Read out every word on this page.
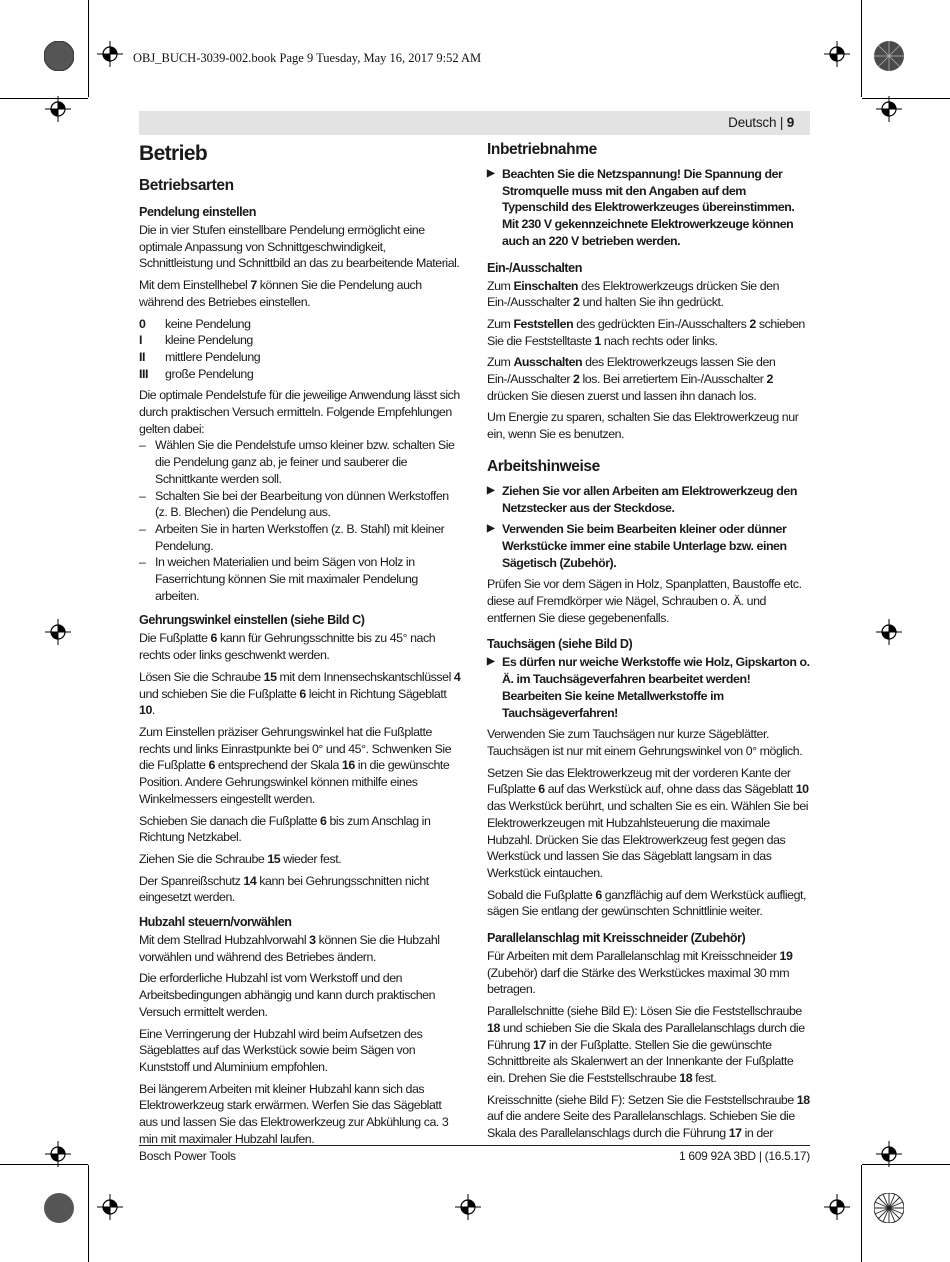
OBJ_BUCH-3039-002.book Page 9 Tuesday, May 16, 2017 9:52 AM
Deutsch | 9
Betrieb
Betriebsarten
Pendelung einstellen

Die in vier Stufen einstellbare Pendelung ermöglicht eine optimale Anpassung von Schnittgeschwindigkeit, Schnittleistung und Schnittbild an das zu bearbeitende Material.

Mit dem Einstellhebel 7 können Sie die Pendelung auch während des Betriebes einstellen.

0	keine Pendelung
I	kleine Pendelung
II	mittlere Pendelung
III	große Pendelung

Die optimale Pendelstufe für die jeweilige Anwendung lässt sich durch praktischen Versuch ermitteln. Folgende Empfehlungen gelten dabei:

– Wählen Sie die Pendelstufe umso kleiner bzw. schalten Sie die Pendelung ganz ab, je feiner und sauberer die Schnittkante werden soll.
– Schalten Sie bei der Bearbeitung von dünnen Werkstoffen (z. B. Blechen) die Pendelung aus.
– Arbeiten Sie in harten Werkstoffen (z. B. Stahl) mit kleiner Pendelung.
– In weichen Materialien und beim Sägen von Holz in Faserrichtung können Sie mit maximaler Pendelung arbeiten.
Gehrungswinkel einstellen (siehe Bild C)

Die Fußplatte 6 kann für Gehrungsschnitte bis zu 45° nach rechts oder links geschwenkt werden.

Lösen Sie die Schraube 15 mit dem Innensechskantschlüssel 4 und schieben Sie die Fußplatte 6 leicht in Richtung Sägeblatt 10.

Zum Einstellen präziser Gehrungswinkel hat die Fußplatte rechts und links Einrastpunkte bei 0° und 45°. Schwenken Sie die Fußplatte 6 entsprechend der Skala 16 in die gewünschte Position. Andere Gehrungswinkel können mithilfe eines Winkelmessers eingestellt werden.

Schieben Sie danach die Fußplatte 6 bis zum Anschlag in Richtung Netzkabel.

Ziehen Sie die Schraube 15 wieder fest.

Der Spanreißschutz 14 kann bei Gehrungsschnitten nicht eingesetzt werden.

Hubzahl steuern/vorwählen

Mit dem Stellrad Hubzahlvorwahl 3 können Sie die Hubzahl vorwählen und während des Betriebes ändern.

Die erforderliche Hubzahl ist vom Werkstoff und den Arbeitsbedingungen abhängig und kann durch praktischen Versuch ermittelt werden.

Eine Verringerung der Hubzahl wird beim Aufsetzen des Sägeblattes auf das Werkstück sowie beim Sägen von Kunststoff und Aluminium empfohlen.

Bei längerem Arbeiten mit kleiner Hubzahl kann sich das Elektrowerkzeug stark erwärmen. Werfen Sie das Sägeblatt aus und lassen Sie das Elektrowerkzeug zur Abkühlung ca. 3 min mit maximaler Hubzahl laufen.

Inbetriebnahme
▶ Beachten Sie die Netzspannung! Die Spannung der Stromquelle muss mit den Angaben auf dem Typenschild des Elektrowerkzeuges übereinstimmen. Mit 230 V gekennzeichnete Elektrowerkzeuge können auch an 220 V betrieben werden.
Ein-/Ausschalten

Zum Einschalten des Elektrowerkzeugs drücken Sie den Ein-/Ausschalter 2 und halten Sie ihn gedrückt.

Zum Feststellen des gedrückten Ein-/Ausschalters 2 schieben Sie die Feststelltaste 1 nach rechts oder links.

Zum Ausschalten des Elektrowerkzeugs lassen Sie den Ein-/Ausschalter 2 los. Bei arretiertem Ein-/Ausschalter 2 drücken Sie diesen zuerst und lassen ihn danach los.

Um Energie zu sparen, schalten Sie das Elektrowerkzeug nur ein, wenn Sie es benutzen.

Arbeitshinweise
▶ Ziehen Sie vor allen Arbeiten am Elektrowerkzeug den Netzstecker aus der Steckdose.
▶ Verwenden Sie beim Bearbeiten kleiner oder dünner Werkstücke immer eine stabile Unterlage bzw. einen Sägetisch (Zubehör).

Prüfen Sie vor dem Sägen in Holz, Spanplatten, Baustoffe etc. diese auf Fremdkörper wie Nägel, Schrauben o. Ä. und entfernen Sie diese gegebenenfalls.

Tauchsägen (siehe Bild D)
▶ Es dürfen nur weiche Werkstoffe wie Holz, Gipskarton o. Ä. im Tauchsägeverfahren bearbeitet werden! Bearbeiten Sie keine Metallwerkstoffe im Tauchsägeverfahren!

Verwenden Sie zum Tauchsägen nur kurze Sägeblätter. Tauchsägen ist nur mit einem Gehrungswinkel von 0° möglich.

Setzen Sie das Elektrowerkzeug mit der vorderen Kante der Fußplatte 6 auf das Werkstück auf, ohne dass das Sägeblatt 10 das Werkstück berührt, und schalten Sie es ein. Wählen Sie bei Elektrowerkzeugen mit Hubzahlsteuerung die maximale Hubzahl. Drücken Sie das Elektrowerkzeug fest gegen das Werkstück und lassen Sie das Sägeblatt langsam in das Werkstück eintauchen.

Sobald die Fußplatte 6 ganzflächig auf dem Werkstück aufliegt, sägen Sie entlang der gewünschten Schnittlinie weiter.

Parallelanschlag mit Kreisschneider (Zubehör)

Für Arbeiten mit dem Parallelanschlag mit Kreisschneider 19 (Zubehör) darf die Stärke des Werkstückes maximal 30 mm betragen.

Parallelschnitte (siehe Bild E): Lösen Sie die Feststellschraube 18 und schieben Sie die Skala des Parallelanschlags durch die Führung 17 in der Fußplatte. Stellen Sie die gewünschte Schnittbreite als Skalenwert an der Innenkante der Fußplatte ein. Drehen Sie die Feststellschraube 18 fest.

Kreisschnitte (siehe Bild F): Setzen Sie die Feststellschraube 18 auf die andere Seite des Parallelanschlags. Schieben Sie die Skala des Parallelanschlags durch die Führung 17 in der

Bosch Power Tools	1 609 92A 3BD | (16.5.17)
